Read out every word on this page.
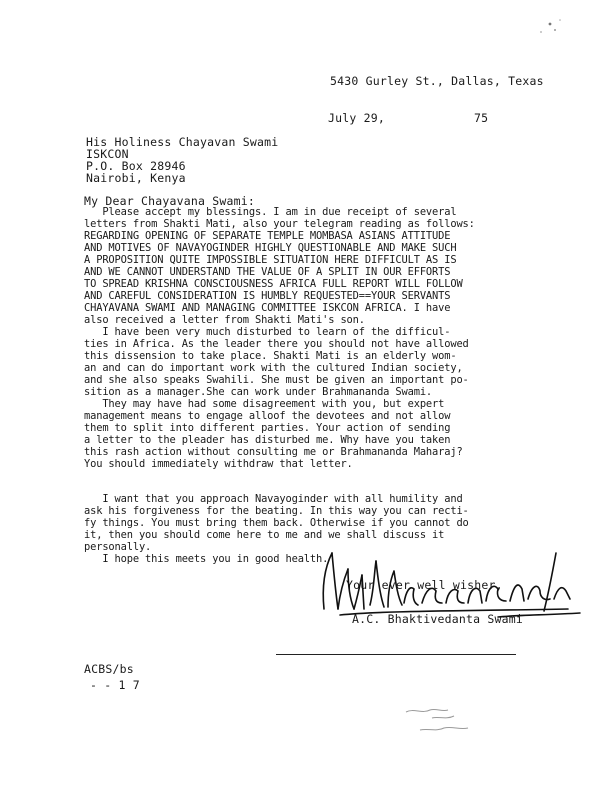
5430 Gurley St., Dallas, Texas
July 29,	75
His Holiness Chayavan Swami
ISKCON
P.O. Box 28946
Nairobi, Kenya
My Dear Chayavana Swami:
Please accept my blessings. I am in due receipt of several
letters from Shakti Mati, also your telegram reading as follows:
REGARDING OPENING OF SEPARATE TEMPLE MOMBASA ASIANS ATTITUDE
AND MOTIVES OF NAVAYOGINDER HIGHLY QUESTIONABLE AND MAKE SUCH
A PROPOSITION QUITE IMPOSSIBLE SITUATION HERE DIFFICULT AS IS
AND WE CANNOT UNDERSTAND THE VALUE OF A SPLIT IN OUR EFFORTS
TO SPREAD KRISHNA CONSCIOUSNESS AFRICA FULL REPORT WILL FOLLOW
AND CAREFUL CONSIDERATION IS HUMBLY REQUESTED==YOUR SERVANTS
CHAYAVANA SWAMI AND MANAGING COMMITTEE ISKCON AFRICA. I have
also received a letter from Shakti Mati's son.
I have been very much disturbed to learn of the difficul-
ties in Africa. As the leader there you should not have allowed
this dissension to take place. Shakti Mati is an elderly wom-
an and can do important work with the cultured Indian society,
and she also speaks Swahili. She must be given an important po-
sition as a manager.She can work under Brahmananda Swami.
They may have had some disagreement with you, but expert
management means to engage alloof the devotees and not allow
them to split into different parties. Your action of sending
a letter to the pleader has disturbed me. Why have you taken
this rash action without consulting me or Brahmananda Maharaj?
You should immediately withdraw that letter.
I want that you approach Navayoginder with all humility and
ask his forgiveness for the beating. In this way you can recti-
fy things. You must bring them back. Otherwise if you cannot do
it, then you should come here to me and we shall discuss it
personally.
I hope this meets you in good health.
Your ever well wisher,
A.C. Bhaktivedanta Swami
ACBS/bs
- - 1 7
